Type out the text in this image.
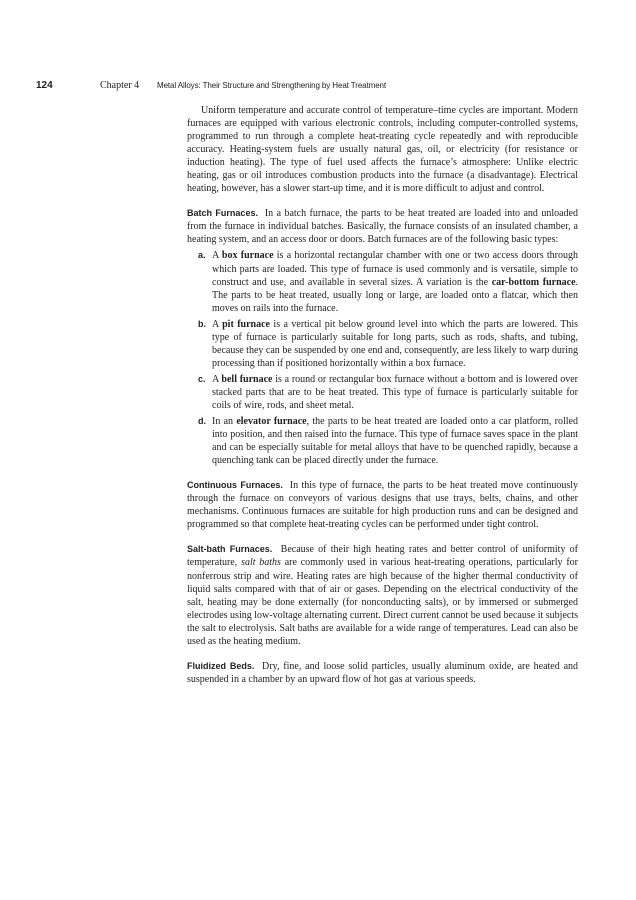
124	Chapter 4 Metal Alloys: Their Structure and Strengthening by Heat Treatment

Uniform temperature and accurate control of temperature–time cycles are important. Modern furnaces are equipped with various electronic controls, including computer-controlled systems, programmed to run through a complete heat-treating cycle repeatedly and with reproducible accuracy. Heating-system fuels are usually natural gas, oil, or electricity (for resistance or induction heating). The type of fuel used affects the furnace’s atmosphere: Unlike electric heating, gas or oil introduces combustion products into the furnace (a disadvantage). Electrical heating, however, has a slower start-up time, and it is more difficult to adjust and control.

Batch Furnaces. In a batch furnace, the parts to be heat treated are loaded into and unloaded from the furnace in individual batches. Basically, the furnace consists of an insulated chamber, a heating system, and an access door or doors. Batch furnaces are of the following basic types:

a. A box furnace is a horizontal rectangular chamber with one or two access doors through which parts are loaded. This type of furnace is used commonly and is versatile, simple to construct and use, and available in several sizes. A variation is the car-bottom furnace. The parts to be heat treated, usually long or large, are loaded onto a flatcar, which then moves on rails into the furnace.
b. A pit furnace is a vertical pit below ground level into which the parts are lowered. This type of furnace is particularly suitable for long parts, such as rods, shafts, and tubing, because they can be suspended by one end and, consequently, are less likely to warp during processing than if positioned horizontally within a box furnace.
c. A bell furnace is a round or rectangular box furnace without a bottom and is lowered over stacked parts that are to be heat treated. This type of furnace is particularly suitable for coils of wire, rods, and sheet metal.
d. In an elevator furnace, the parts to be heat treated are loaded onto a car platform, rolled into position, and then raised into the furnace. This type of furnace saves space in the plant and can be especially suitable for metal alloys that have to be quenched rapidly, because a quenching tank can be placed directly under the furnace.

Continuous Furnaces. In this type of furnace, the parts to be heat treated move continuously through the furnace on conveyors of various designs that use trays, belts, chains, and other mechanisms. Continuous furnaces are suitable for high production runs and can be designed and programmed so that complete heat-treating cycles can be performed under tight control.

Salt-bath Furnaces. Because of their high heating rates and better control of uniformity of temperature, salt baths are commonly used in various heat-treating operations, particularly for nonferrous strip and wire. Heating rates are high because of the higher thermal conductivity of liquid salts compared with that of air or gases. Depending on the electrical conductivity of the salt, heating may be done externally (for nonconducting salts), or by immersed or submerged electrodes using low-voltage alternating current. Direct current cannot be used because it subjects the salt to electrolysis. Salt baths are available for a wide range of temperatures. Lead can also be used as the heating medium.

Fluidized Beds. Dry, fine, and loose solid particles, usually aluminum oxide, are heated and suspended in a chamber by an upward flow of hot gas at various speeds.
